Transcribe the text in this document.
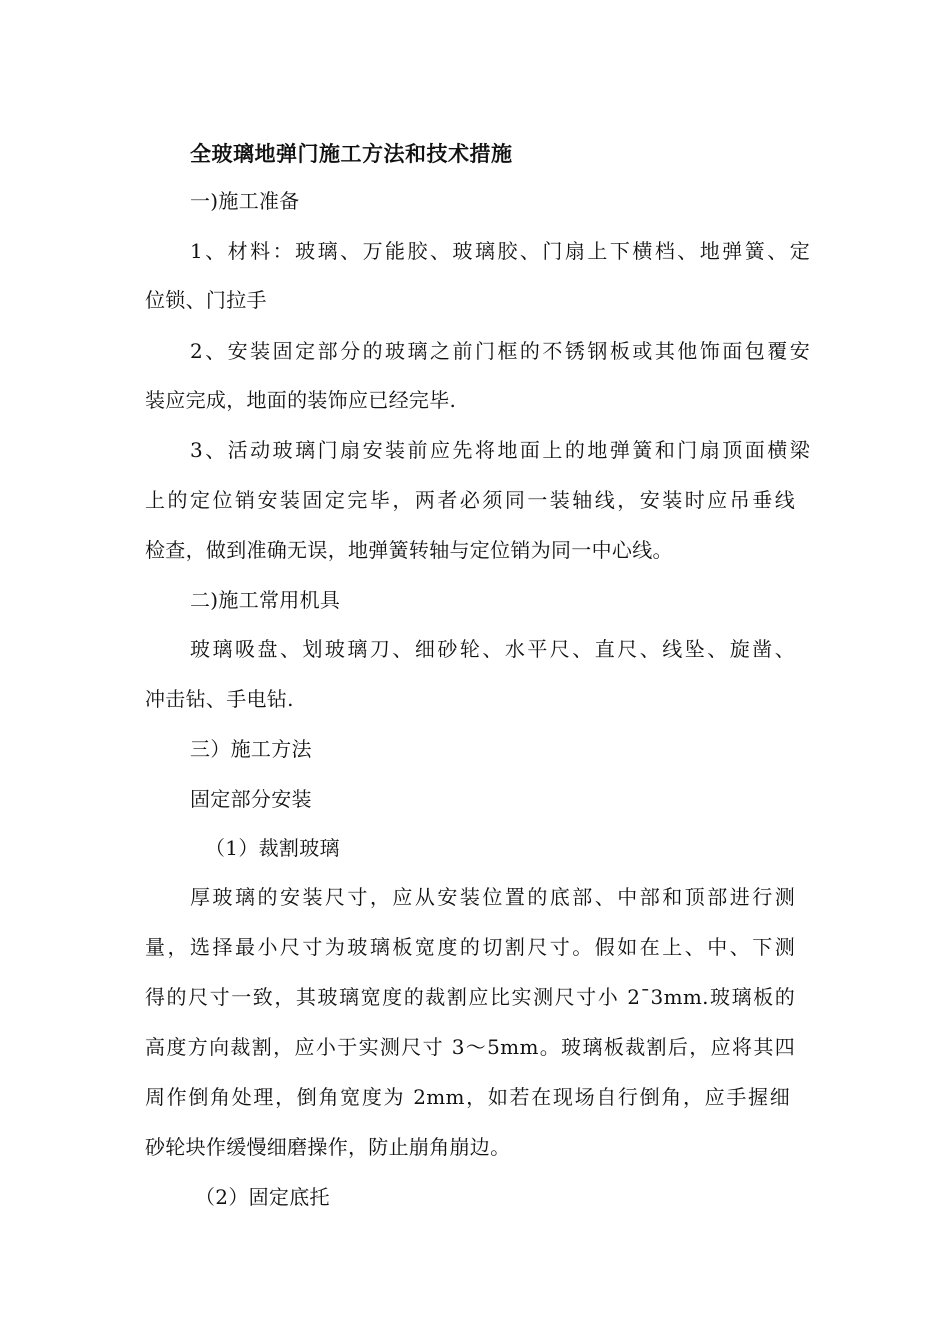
全玻璃地弹门施工方法和技术措施
一)施工准备
1、材料：玻璃、万能胶、玻璃胶、门扇上下横档、地弹簧、定
位锁、门拉手
2、安装固定部分的玻璃之前门框的不锈钢板或其他饰面包覆安
装应完成，地面的装饰应已经完毕.
3、活动玻璃门扇安装前应先将地面上的地弹簧和门扇顶面横梁
上的定位销安装固定完毕，两者必须同一装轴线，安装时应吊垂线
检查，做到准确无误，地弹簧转轴与定位销为同一中心线。
二)施工常用机具
玻璃吸盘、划玻璃刀、细砂轮、水平尺、直尺、线坠、旋凿、
冲击钻、手电钻.
三）施工方法
固定部分安装
（1）裁割玻璃
厚玻璃的安装尺寸，应从安装位置的底部、中部和顶部进行测
量，选择最小尺寸为玻璃板宽度的切割尺寸。假如在上、中、下测
得的尺寸一致，其玻璃宽度的裁割应比实测尺寸小 2¯3mm.玻璃板的
高度方向裁割，应小于实测尺寸 3～5mm。玻璃板裁割后，应将其四
周作倒角处理，倒角宽度为 2mm，如若在现场自行倒角，应手握细
砂轮块作缓慢细磨操作，防止崩角崩边。
（2）固定底托
